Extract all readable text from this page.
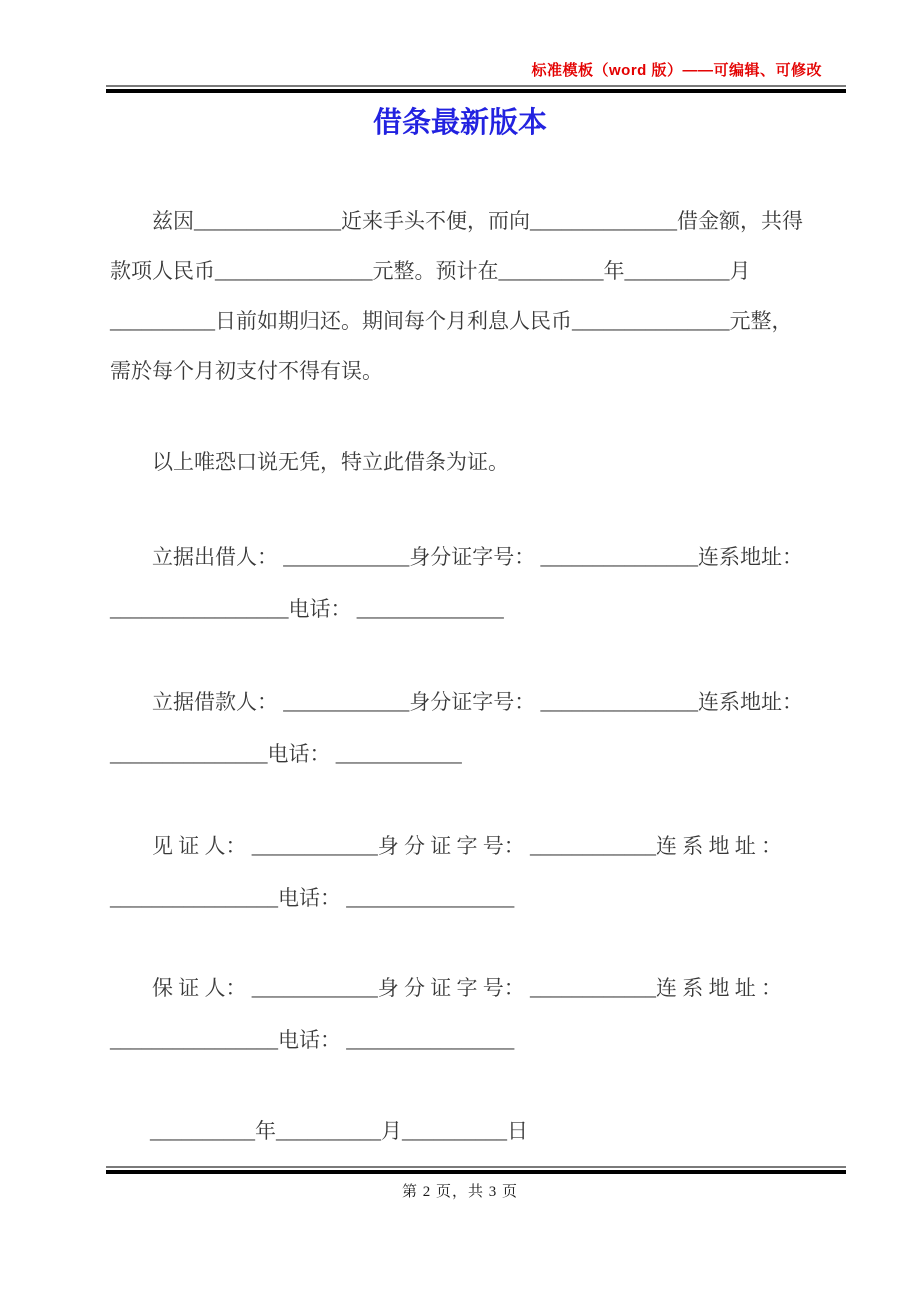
标准模板（word 版）——可编辑、可修改
借条最新版本
兹因______________近来手头不便，而向______________借金额，共得
款项人民币_______________元整。预计在__________年__________月
__________日前如期归还。期间每个月利息人民币_______________元整，
需於每个月初支付不得有误。
以上唯恐口说无凭，特立此借条为证。
立据出借人： ____________身分证字号： _______________连系地址：
_________________电话： ______________
立据借款人： ____________身分证字号： _______________连系地址：
_______________电话： ____________
见 证 人： ____________身 分 证 字 号： ____________连 系 地 址 ：
________________电话： ________________
保 证 人： ____________身 分 证 字 号： ____________连 系 地 址 ：
________________电话： ________________
__________年__________月__________日
第 2 页，共 3 页
